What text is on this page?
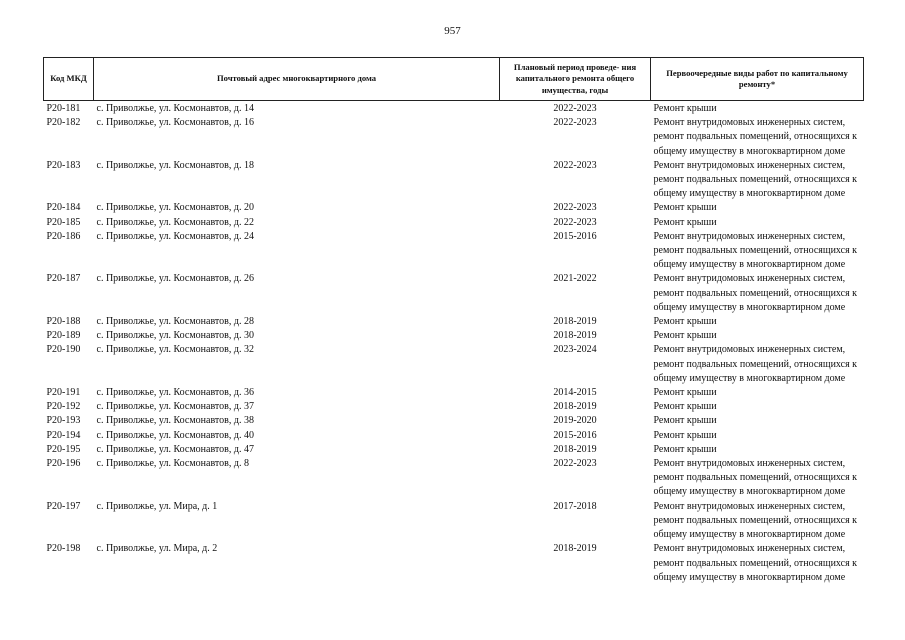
957
Код МКД	Почтовый адрес многоквартирного дома	Плановый период проведе- ния капитального ремонта общего имущества, годы	Первоочередные виды работ по капитальному ремонту*
Р20-181	с. Приволжье, ул. Космонавтов, д. 14	2022-2023	Ремонт крыши

Р20-182	с. Приволжье, ул. Космонавтов, д. 16	2022-2023	Ремонт внутридомовых инженерных систем,
ремонт подвальных помещений, относящихся к
общему имуществу в многоквартирном доме

Р20-183	с. Приволжье, ул. Космонавтов, д. 18	2022-2023	Ремонт внутридомовых инженерных систем,
ремонт подвальных помещений, относящихся к
общему имуществу в многоквартирном доме

Р20-184	с. Приволжье, ул. Космонавтов, д. 20	2022-2023	Ремонт крыши

Р20-185	с. Приволжье, ул. Космонавтов, д. 22	2022-2023	Ремонт крыши

Р20-186	с. Приволжье, ул. Космонавтов, д. 24	2015-2016	Ремонт внутридомовых инженерных систем,
ремонт подвальных помещений, относящихся к
общему имуществу в многоквартирном доме

Р20-187	с. Приволжье, ул. Космонавтов, д. 26	2021-2022	Ремонт внутридомовых инженерных систем,
ремонт подвальных помещений, относящихся к
общему имуществу в многоквартирном доме

Р20-188	с. Приволжье, ул. Космонавтов, д. 28	2018-2019	Ремонт крыши

Р20-189	с. Приволжье, ул. Космонавтов, д. 30	2018-2019	Ремонт крыши

Р20-190	с. Приволжье, ул. Космонавтов, д. 32	2023-2024	Ремонт внутридомовых инженерных систем,
ремонт подвальных помещений, относящихся к
общему имуществу в многоквартирном доме

Р20-191	с. Приволжье, ул. Космонавтов, д. 36	2014-2015	Ремонт крыши

Р20-192	с. Приволжье, ул. Космонавтов, д. 37	2018-2019	Ремонт крыши

Р20-193	с. Приволжье, ул. Космонавтов, д. 38	2019-2020	Ремонт крыши

Р20-194	с. Приволжье, ул. Космонавтов, д. 40	2015-2016	Ремонт крыши

Р20-195	с. Приволжье, ул. Космонавтов, д. 47	2018-2019	Ремонт крыши

Р20-196	с. Приволжье, ул. Космонавтов, д. 8	2022-2023	Ремонт внутридомовых инженерных систем,
ремонт подвальных помещений, относящихся к
общему имуществу в многоквартирном доме

Р20-197	с. Приволжье, ул. Мира, д. 1	2017-2018	Ремонт внутридомовых инженерных систем,
ремонт подвальных помещений, относящихся к
общему имуществу в многоквартирном доме

Р20-198	с. Приволжье, ул. Мира, д. 2	2018-2019	Ремонт внутридомовых инженерных систем,
ремонт подвальных помещений, относящихся к
общему имуществу в многоквартирном доме
